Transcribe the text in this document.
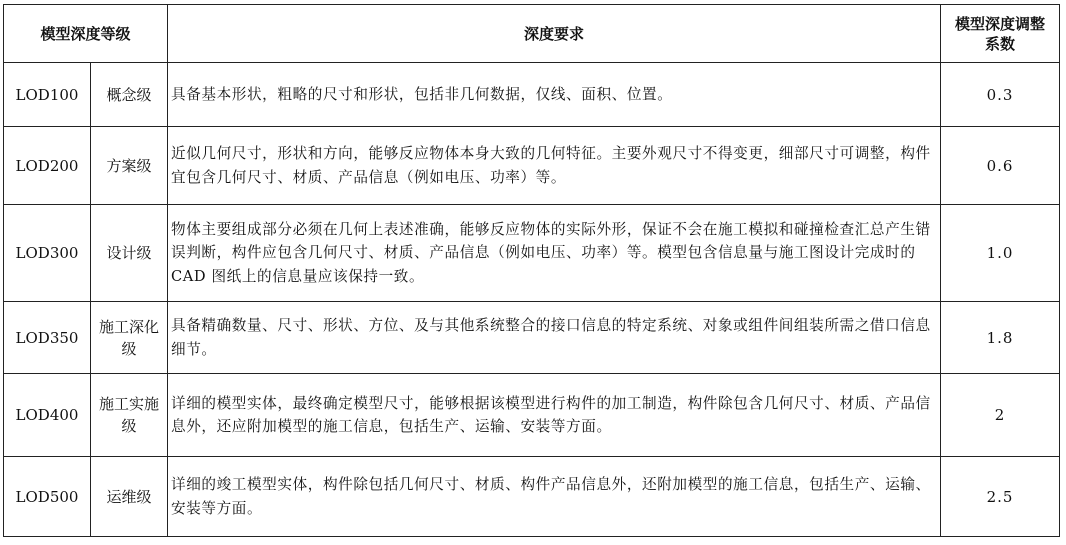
模型深度等级		深度要求	模型深度调整系数
LOD100	概念级	具备基本形状，粗略的尺寸和形状，包括非几何数据，仅线、面积、位置。	0.3
LOD200	方案级	近似几何尺寸，形状和方向，能够反应物体本身大致的几何特征。主要外观尺寸不得变更，细部尺寸可调整，构件宜包含几何尺寸、材质、产品信息（例如电压、功率）等。	0.6
LOD300	设计级	物体主要组成部分必须在几何上表述准确，能够反应物体的实际外形，保证不会在施工模拟和碰撞检查汇总产生错误判断，构件应包含几何尺寸、材质、产品信息（例如电压、功率）等。模型包含信息量与施工图设计完成时的 CAD 图纸上的信息量应该保持一致。	1.0
LOD350	施工深化级	具备精确数量、尺寸、形状、方位、及与其他系统整合的接口信息的特定系统、对象或组件间组装所需之借口信息细节。	1.8
LOD400	施工实施级	详细的模型实体，最终确定模型尺寸，能够根据该模型进行构件的加工制造，构件除包含几何尺寸、材质、产品信息外，还应附加模型的施工信息，包括生产、运输、安装等方面。	2
LOD500	运维级	详细的竣工模型实体，构件除包括几何尺寸、材质、构件产品信息外，还附加模型的施工信息，包括生产、运输、安装等方面。	2.5
